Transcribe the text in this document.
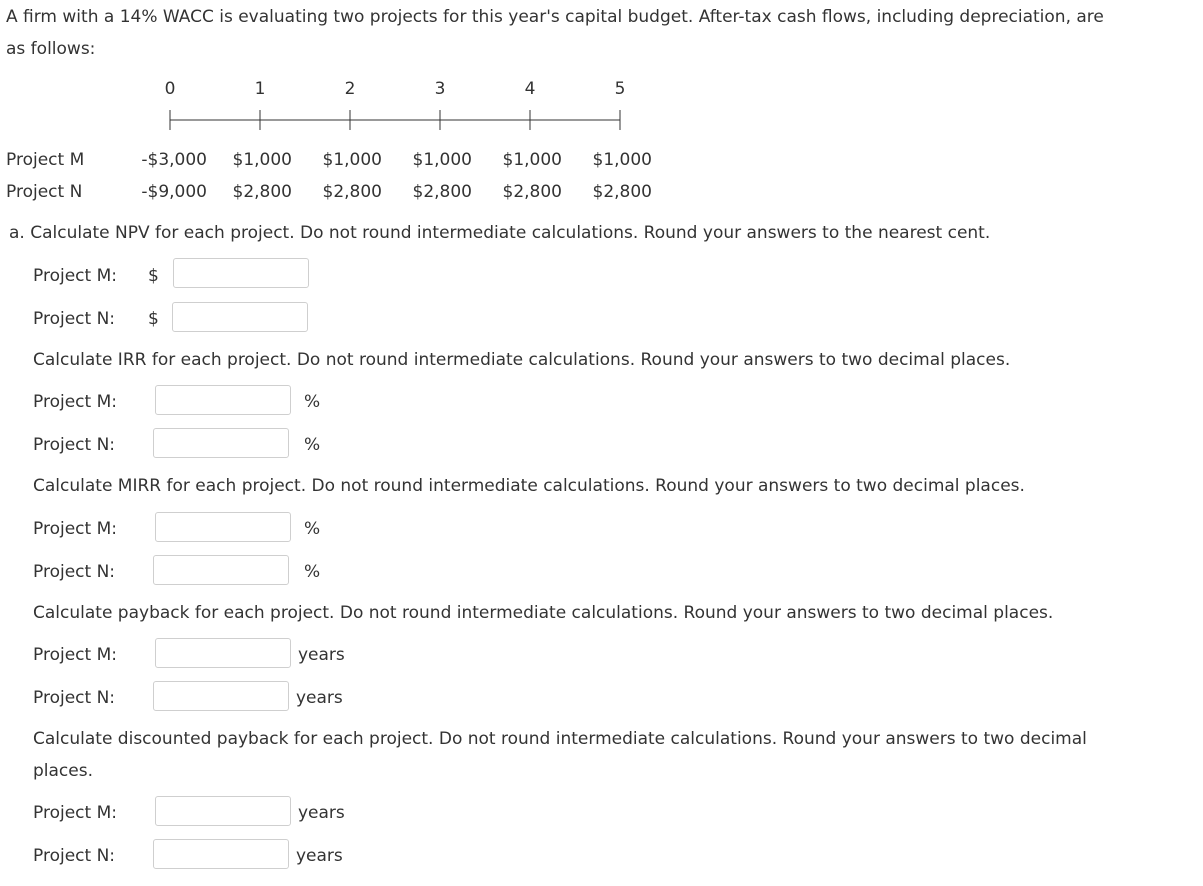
A firm with a 14% WACC is evaluating two projects for this year's capital budget. After-tax cash flows, including depreciation, are
as follows:
0	1	2	3	4	5
Project M	-$3,000 $1,000 $1,000 $1,000 $1,000 $1,000
Project N	-$9,000 $2,800 $2,800 $2,800 $2,800 $2,800
a. Calculate NPV for each project. Do not round intermediate calculations. Round your answers to the nearest cent.
Project M: $
Project N: $
Calculate IRR for each project. Do not round intermediate calculations. Round your answers to two decimal places.
Project M:	%
Project N:	%
Calculate MIRR for each project. Do not round intermediate calculations. Round your answers to two decimal places.
Project M:	%
Project N:	%
Calculate payback for each project. Do not round intermediate calculations. Round your answers to two decimal places.
Project M:	years
Project N:	years
Calculate discounted payback for each project. Do not round intermediate calculations. Round your answers to two decimal
places.
Project M:	years
Project N:	years
